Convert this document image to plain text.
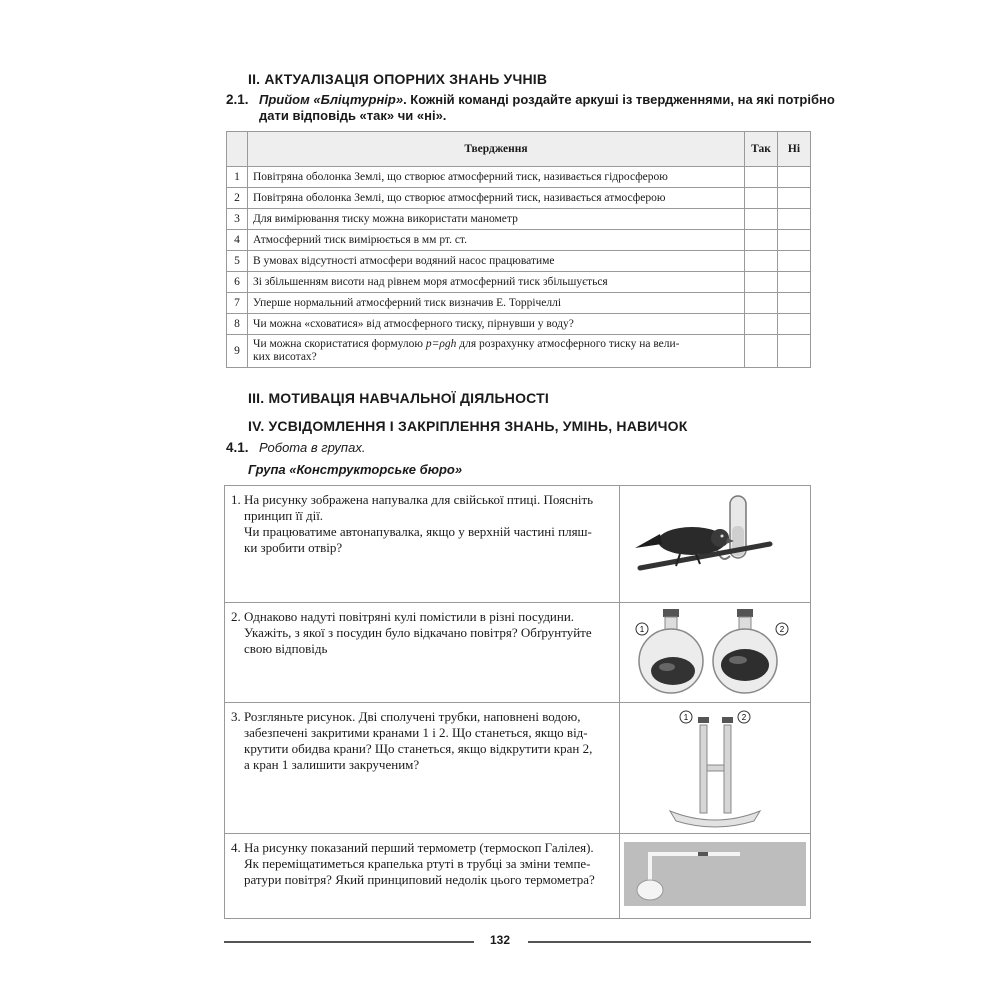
ІІ. АКТУАЛІЗАЦІЯ ОПОРНИХ ЗНАНЬ УЧНІВ
2.1. Прийом «Бліцтурнір». Кожній команді роздайте аркуші із твердженнями, на які потрібно
дати відповідь «так» чи «ні».
	Твердження	Так	Ні
1	Повітряна оболонка Землі, що створює атмосферний тиск, називається гідросферою		
2	Повітряна оболонка Землі, що створює атмосферний тиск, називається атмосферою		
3	Для вимірювання тиску можна використати манометр		
4	Атмосферний тиск вимірюється в мм рт. ст.		
5	В умовах відсутності атмосфери водяний насос працюватиме		
6	Зі збільшенням висоти над рівнем моря атмосферний тиск збільшується		
7	Уперше нормальний атмосферний тиск визначив Е. Торрічеллі		
8	Чи можна «сховатися» від атмосферного тиску, пірнувши у воду?		
9	Чи можна скористатися формулою p=ρgh для розрахунку атмосферного тиску на вели-
ких висотах?		
ІІІ. МОТИВАЦІЯ НАВЧАЛЬНОЇ ДІЯЛЬНОСТІ
IV. УСВІДОМЛЕННЯ І ЗАКРІПЛЕННЯ ЗНАНЬ, УМІНЬ, НАВИЧОК
4.1. Робота в групах.
Група «Конструкторське бюро»
1. На рисунку зображена напувалка для свійської птиці. Поясніть
принцип її дії.
Чи працюватиме автонапувалка, якщо у верхній частині пляш-
ки зробити отвір?

2. Однаково надуті повітряні кулі помістили в різні посудини.
Укажіть, з якої з посудин було відкачано повітря? Обґрунтуйте
свою відповідь	1 2

3. Розгляньте рисунок. Дві сполучені трубки, наповнені водою,
забезпечені закритими кранами 1 і 2. Що станеться, якщо від-
крутити обидва крани? Що станеться, якщо відкрутити кран 2,
а кран 1 залишити закрученим?	1 2

4. На рисунку показаний перший термометр (термоскоп Галілея).
Як переміщатиметься крапелька ртуті в трубці за зміни темпе-
ратури повітря? Який принциповий недолік цього термометра?

132
